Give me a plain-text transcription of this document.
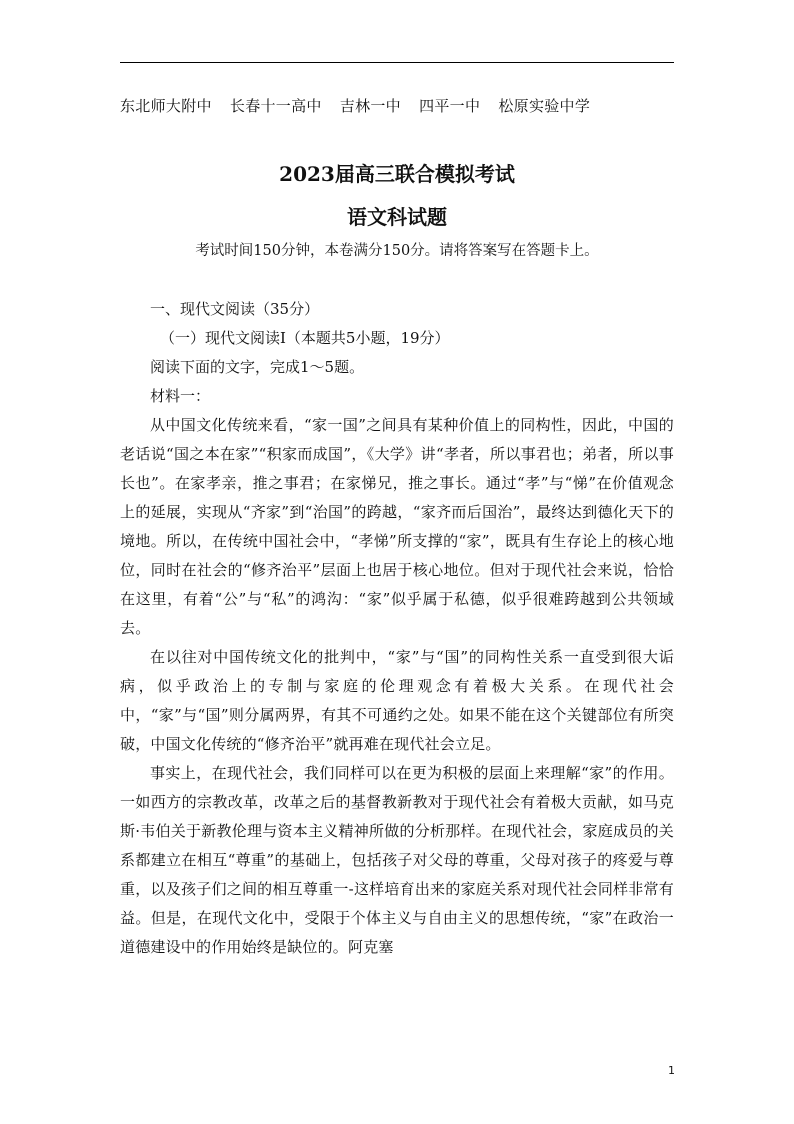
东北师大附中 长春十一高中 吉林一中 四平一中 松原实验中学
2023届高三联合模拟考试
语文科试题
考试时间150分钟，本卷满分150分。请将答案写在答题卡上。
一、现代文阅读（35分）
（一）现代文阅读I（本题共5小题，19分）
阅读下面的文字，完成1～5题。
材料一：

从中国文化传统来看，“家一国”之间具有某种价值上的同构性，因此，中国的老话说“国之本在家”“积家而成国”，《大学》讲“孝者，所以事君也；弟者，所以事长也”。在家孝亲，推之事君；在家悌兄，推之事长。通过“孝”与“悌”在价值观念上的延展，实现从“齐家”到“治国”的跨越，“家齐而后国治”，最终达到德化天下的境地。所以，在传统中国社会中，“孝悌”所支撑的“家”，既具有生存论上的核心地位，同时在社会的“修齐治平”层面上也居于核心地位。但对于现代社会来说，恰恰在这里，有着“公”与“私”的鸿沟：“家”似乎属于私德，似乎很难跨越到公共领域去。

在以往对中国传统文化的批判中，“家”与“国”的同构性关系一直受到很大诟病，似乎政治上的专制与家庭的伦理观念有着极大关系。在现代社会中，“家”与“国”则分属两界，有其不可通约之处。如果不能在这个关键部位有所突破，中国文化传统的“修齐治平”就再难在现代社会立足。

事实上，在现代社会，我们同样可以在更为积极的层面上来理解“家”的作用。一如西方的宗教改革，改革之后的基督教新教对于现代社会有着极大贡献，如马克斯·韦伯关于新教伦理与资本主义精神所做的分析那样。在现代社会，家庭成员的关系都建立在相互“尊重”的基础上，包括孩子对父母的尊重，父母对孩子的疼爱与尊重，以及孩子们之间的相互尊重一-这样培育出来的家庭关系对现代社会同样非常有益。但是，在现代文化中，受限于个体主义与自由主义的思想传统，“家”在政治一道德建设中的作用始终是缺位的。阿克塞

1
